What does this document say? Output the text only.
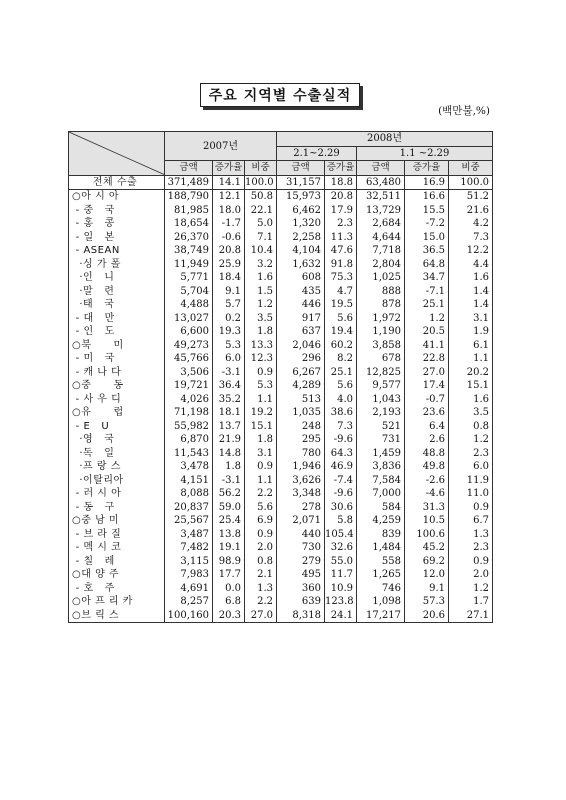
주요 지역별 수출실적
(백만불,%)
	2007년			2008년				
				2.1~2.29		1.1 ~2.29		
	금액	증가율	비중	금액	증가율	금액	증가율	비중
전체 수출	371,489	14.1	100.0	31,157	18.8	63,480	16.9	100.0
○아 시 아	188,790	12.1	50.8	15,973	20.8	32,511	16.6	51.2
- 중   국	81,985	18.0	22.1	6,462	17.9	13,729	15.5	21.6
- 홍   콩	18,654	-1.7	5.0	1,320	2.3	2,684	-7.2	4.2
- 일   본	26,370	-0.6	7.1	2,258	11.3	4,644	15.0	7.3
- ASEAN	38,749	20.8	10.4	4,104	47.6	7,718	36.5	12.2
·싱 가 폴	11,949	25.9	3.2	1,632	91.8	2,804	64.8	4.4
·인   니	5,771	18.4	1.6	608	75.3	1,025	34.7	1.6
·말   련	5,704	9.1	1.5	435	4.7	888	-7.1	1.4
·태   국	4,488	5.7	1.2	446	19.5	878	25.1	1.4
- 대   만	13,027	0.2	3.5	917	5.6	1,972	1.2	3.1
- 인   도	6,600	19.3	1.8	637	19.4	1,190	20.5	1.9
○북      미	49,273	5.3	13.3	2,046	60.2	3,858	41.1	6.1
- 미   국	45,766	6.0	12.3	296	8.2	678	22.8	1.1
- 캐 나 다	3,506	-3.1	0.9	6,267	25.1	12,825	27.0	20.2
○중      동	19,721	36.4	5.3	4,289	5.6	9,577	17.4	15.1
- 사 우 디	4,026	35.2	1.1	513	4.0	1,043	-0.7	1.6
○유      럽	71,198	18.1	19.2	1,035	38.6	2,193	23.6	3.5
- E   U	55,982	13.7	15.1	248	7.3	521	6.4	0.8
·영   국	6,870	21.9	1.8	295	-9.6	731	2.6	1.2
·독   일	11,543	14.8	3.1	780	64.3	1,459	48.8	2.3
·프 랑 스	3,478	1.8	0.9	1,946	46.9	3,836	49.8	6.0
·이탈리아	4,151	-3.1	1.1	3,626	-7.4	7,584	-2.6	11.9
- 러 시 아	8,088	56.2	2.2	3,348	-9.6	7,000	-4.6	11.0
- 동   구	20,837	59.0	5.6	278	30.6	584	31.3	0.9
○중 남 미	25,567	25.4	6.9	2,071	5.8	4,259	10.5	6.7
- 브 라 질	3,487	13.8	0.9	440	105.4	839	100.6	1.3
- 멕 시 코	7,482	19.1	2.0	730	32.6	1,484	45.2	2.3
- 칠   레	3,115	98.9	0.8	279	55.0	558	69.2	0.9
○대 양 주	7,983	17.7	2.1	495	11.7	1,265	12.0	2.0
- 호   주	4,691	0.0	1.3	360	10.9	746	9.1	1.2
○아 프 리 카	8,257	6.8	2.2	639	123.8	1,098	57.3	1.7
○브 릭 스	100,160	20.3	27.0	8,318	24.1	17,217	20.6	27.1
